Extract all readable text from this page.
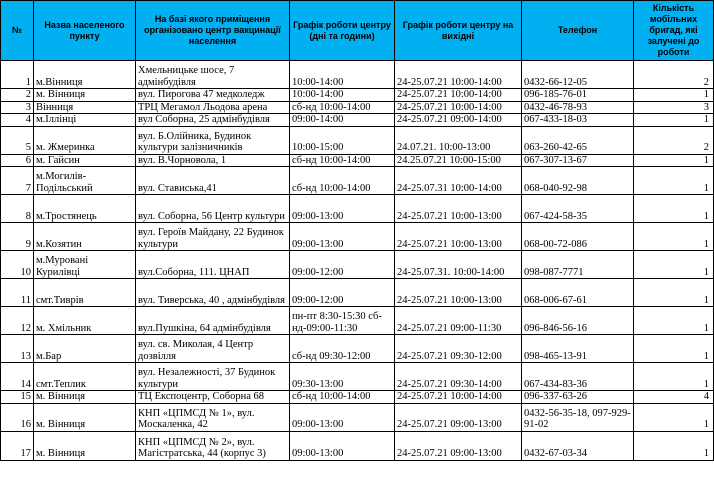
№	Назва населеного пункту	На базі якого приміщення організовано центр вакцинації населення	Графік роботи центру (дні та години)	Графік роботи центру на вихідні	Телефон	Кількість мобільних бригад, які залучені до роботи
1	м.Вінниця	Хмельницьке шосе, 7 адмінбудівля	10:00-14:00	24-25.07.21 10:00-14:00	0432-66-12-05	2
2	м. Вінниця	вул. Пирогова 47 медколедж	10:00-14:00	24-25.07.21 10:00-14:00	096-185-76-01	1
3	Вінниця	ТРЦ Мегамол Льодова арена	сб-нд 10:00-14:00	24-25.07.21 10:00-14:00	0432-46-78-93	3
4	м.Іллінці	вул Соборна, 25 адмінбудівля	09:00-14:00	24-25.07.21 09:00-14:00	067-433-18-03	1
5	м. Жмеринка	вул. Б.Олійника, Будинок культури залізничників	10:00-15:00	24.07.21. 10:00-13:00	063-260-42-65	2
6	м. Гайсин	вул. В.Чорновола, 1	сб-нд 10:00-14:00	24.25.07.21 10:00-15:00	067-307-13-67	1
7	м.Могилів-Подільський	вул. Стависька,41	сб-нд 10:00-14:00	24-25.07.31 10:00-14:00	068-040-92-98	1
8	м.Тростянець	вул. Соборна, 56 Центр культури	09:00-13:00	24-25.07.21 10:00-13:00	067-424-58-35	1
9	м.Козятин	вул. Героїв Майдану, 22 Будинок культури	09:00-13:00	24-25.07.21 10:00-13:00	068-00-72-086	1
10	м.Муровані Курилівці	вул.Соборна, 111. ЦНАП	09:00-12:00	24-25.07.31. 10:00-14:00	098-087-7771	1
11	смт.Тиврів	вул. Тиверська, 40 , адмінбудівля	09:00-12:00	24-25.07.21 10:00-13:00	068-006-67-61	1
12	м. Хмільник	вул.Пушкіна, 64 адмінбудівля	пн-пт 8:30-15:30 сб-нд-09:00-11:30	24-25.07.21 09:00-11:30	096-846-56-16	1
13	м.Бар	вул. св. Миколая, 4 Центр дозвілля	сб-нд 09:30-12:00	24-25.07.21 09:30-12:00	098-465-13-91	1
14	смт.Теплик	вул. Незалежності, 37 Будинок культури	09:30-13:00	24-25.07.21 09:30-14:00	067-434-83-36	1
15	м. Вінниця	ТЦ Експоцентр, Соборна 68	сб-нд 10:00-14:00	24-25.07.21 10:00-14:00	096-337-63-26	4
16	м. Вінниця	КНП «ЦПМСД № 1», вул. Москаленка, 42	09:00-13:00	24-25.07.21 09:00-13:00	0432-56-35-18, 097-929-91-02	1
17	м. Вінниця	КНП «ЦПМСД № 2», вул. Магістратська, 44 (корпус 3)	09:00-13:00	24-25.07.21 09:00-13:00	0432-67-03-34	1
